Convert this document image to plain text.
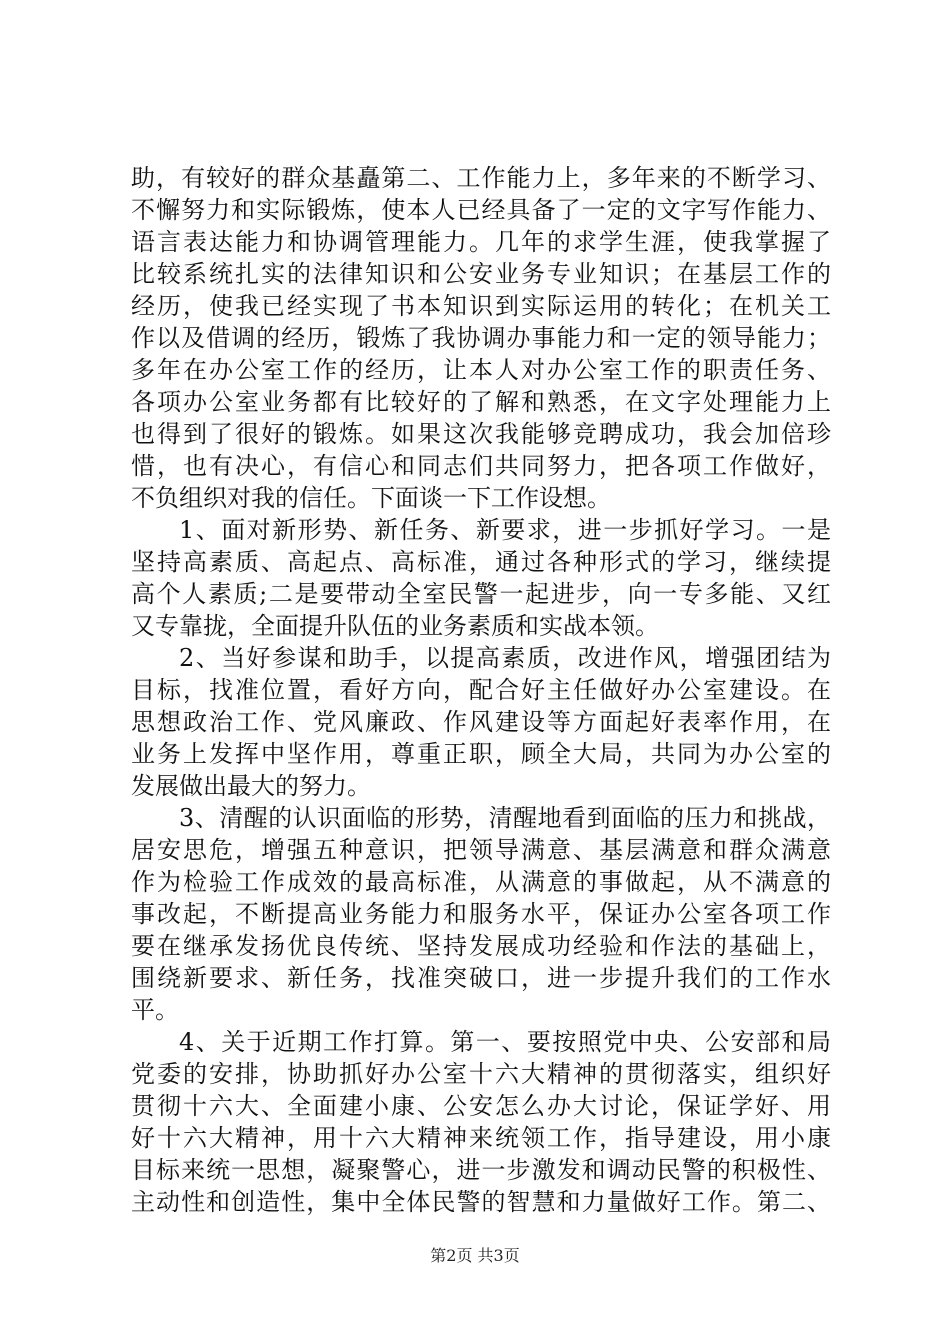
助，有较好的群众基矗第二、工作能力上，多年来的不断学习、
不懈努力和实际锻炼，使本人已经具备了一定的文字写作能力、
语言表达能力和协调管理能力。几年的求学生涯，使我掌握了
比较系统扎实的法律知识和公安业务专业知识；在基层工作的
经历，使我已经实现了书本知识到实际运用的转化；在机关工
作以及借调的经历，锻炼了我协调办事能力和一定的领导能力；
多年在办公室工作的经历，让本人对办公室工作的职责任务、
各项办公室业务都有比较好的了解和熟悉，在文字处理能力上
也得到了很好的锻炼。如果这次我能够竞聘成功，我会加倍珍
惜，也有决心，有信心和同志们共同努力，把各项工作做好，
不负组织对我的信任。下面谈一下工作设想。
1、面对新形势、新任务、新要求，进一步抓好学习。一是
坚持高素质、高起点、高标准，通过各种形式的学习，继续提
高个人素质;二是要带动全室民警一起进步，向一专多能、又红
又专靠拢，全面提升队伍的业务素质和实战本领。
2、当好参谋和助手，以提高素质，改进作风，增强团结为
目标，找准位置，看好方向，配合好主任做好办公室建设。在
思想政治工作、党风廉政、作风建设等方面起好表率作用，在
业务上发挥中坚作用，尊重正职，顾全大局，共同为办公室的
发展做出最大的努力。
3、清醒的认识面临的形势，清醒地看到面临的压力和挑战，
居安思危，增强五种意识，把领导满意、基层满意和群众满意
作为检验工作成效的最高标准，从满意的事做起，从不满意的
事改起，不断提高业务能力和服务水平，保证办公室各项工作
要在继承发扬优良传统、坚持发展成功经验和作法的基础上，
围绕新要求、新任务，找准突破口，进一步提升我们的工作水
平。
4、关于近期工作打算。第一、要按照党中央、公安部和局
党委的安排，协助抓好办公室十六大精神的贯彻落实，组织好
贯彻十六大、全面建小康、公安怎么办大讨论，保证学好、用
好十六大精神，用十六大精神来统领工作，指导建设，用小康
目标来统一思想，凝聚警心，进一步激发和调动民警的积极性、
主动性和创造性，集中全体民警的智慧和力量做好工作。第二、
第2页 共3页
